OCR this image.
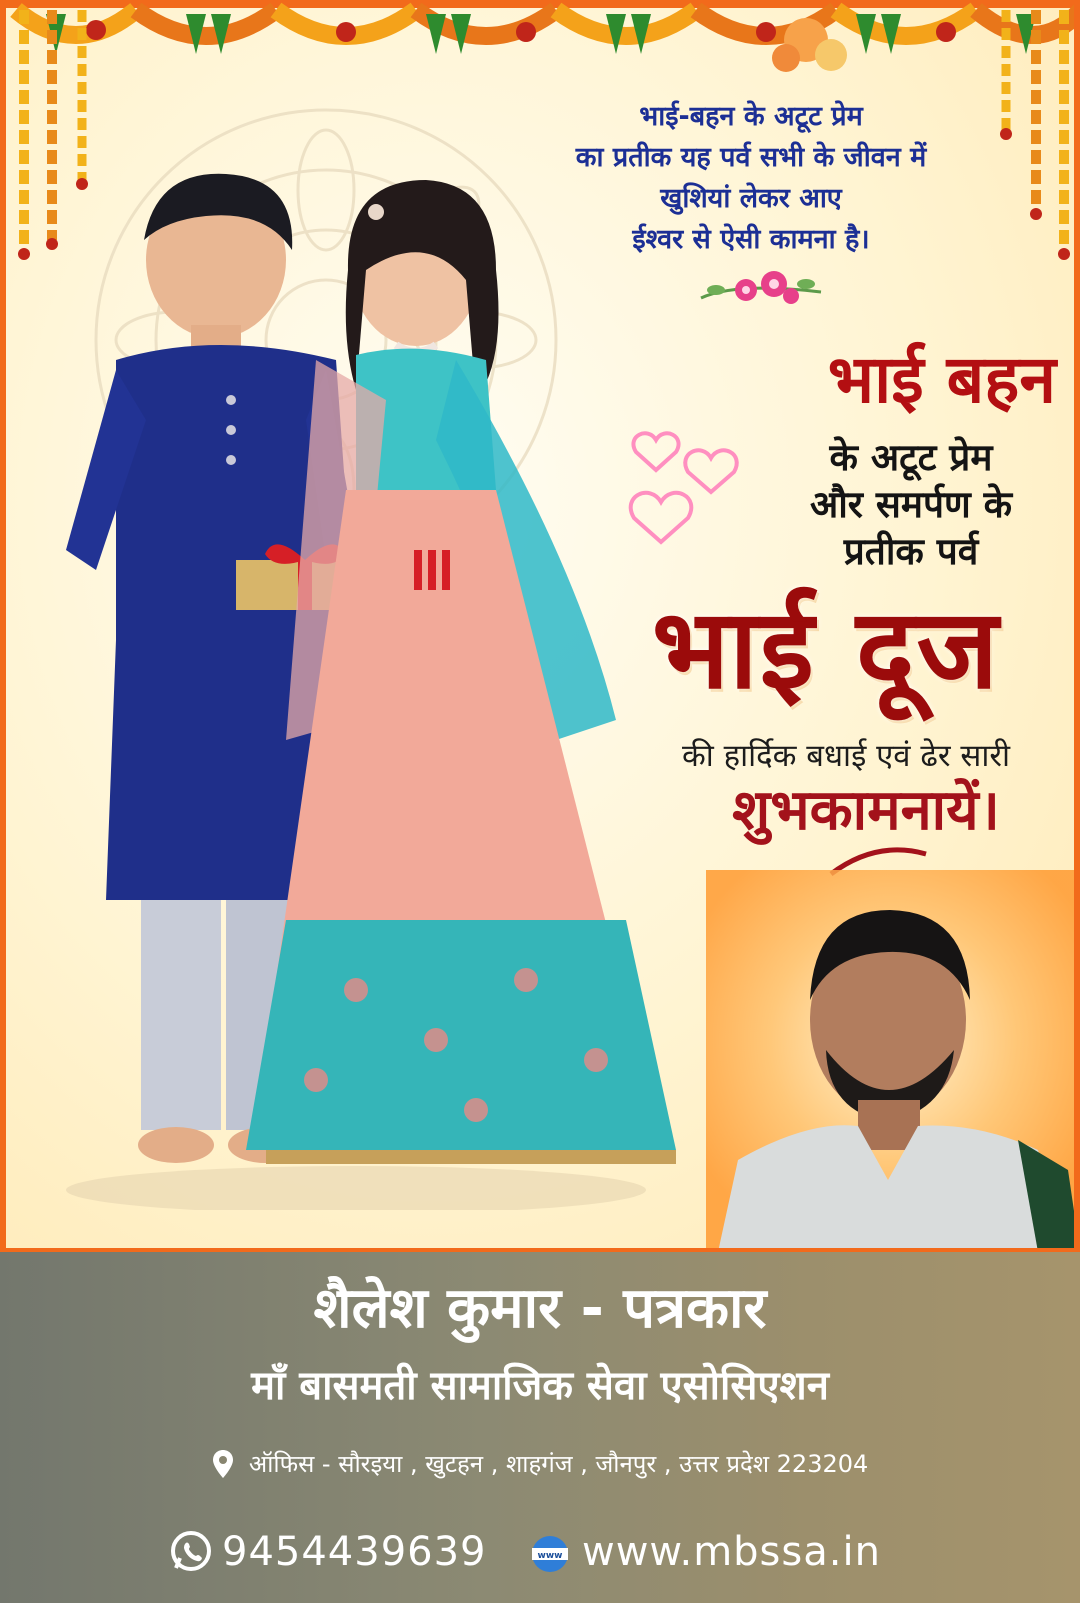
भाई-बहन के अटूट प्रेम
का प्रतीक यह पर्व सभी के जीवन में
खुशियां लेकर आए
ईश्वर से ऐसी कामना है।
भाई बहन
के अटूट प्रेम
और समर्पण के
प्रतीक पर्व
भाई दूज
की हार्दिक बधाई एवं ढेर सारी
शुभकामनायें।
शैलेश कुमार - पत्रकार
माँ बासमती सामाजिक सेवा एसोसिएशन
ऑफिस - सौरइया , खुटहन , शाहगंज , जौनपुर , उत्तर प्रदेश 223204
9454439639	www www.mbssa.in
